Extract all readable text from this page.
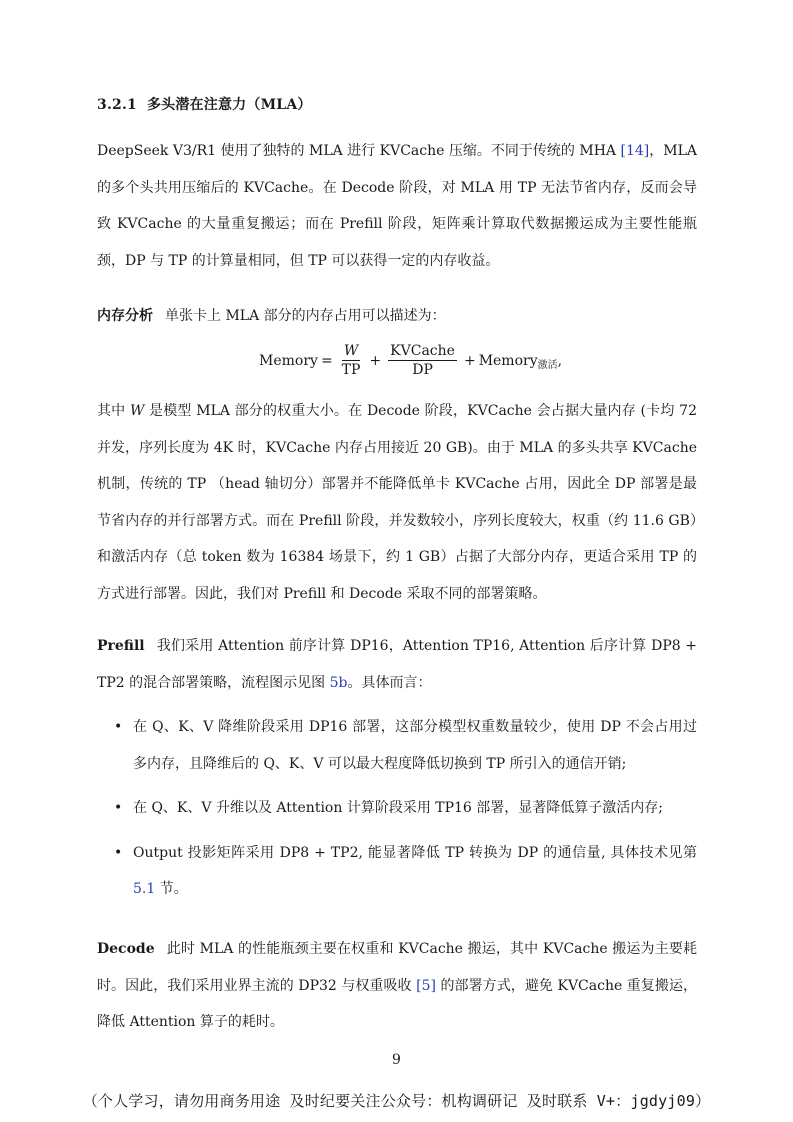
3.2.1 多头潜在注意力（MLA）
DeepSeek V3/R1 使用了独特的 MLA 进行 KVCache 压缩。不同于传统的 MHA [14]，MLA 的多个头共用压缩后的 KVCache。在 Decode 阶段，对 MLA 用 TP 无法节省内存，反而会导致 KVCache 的大量重复搬运；而在 Prefill 阶段，矩阵乘计算取代数据搬运成为主要性能瓶颈，DP 与 TP 的计算量相同，但 TP 可以获得一定的内存收益。
内存分析 单张卡上 MLA 部分的内存占用可以描述为：
Memory = $\frac{W}{TP} + \frac{\text{KVCache}}{DP}$ + Memory 激活 ,
其中 W 是模型 MLA 部分的权重大小。在 Decode 阶段，KVCache 会占据大量内存 (卡均 72 并发，序列长度为 4K 时，KVCache 内存占用接近 20 GB)。由于 MLA 的多头共享 KVCache 机制，传统的 TP （head 轴切分）部署并不能降低单卡 KVCache 占用，因此全 DP 部署是最节省内存的并行部署方式。而在 Prefill 阶段，并发数较小，序列长度较大，权重（约 11.6 GB）和激活内存（总 token 数为 16384 场景下，约 1 GB）占据了大部分内存，更适合采用 TP 的方式进行部署。因此，我们对 Prefill 和 Decode 采取不同的部署策略。
Prefill 我们采用 Attention 前序计算 DP16，Attention TP16, Attention 后序计算 DP8 + TP2 的混合部署策略，流程图示见图 5b。具体而言：
• 在 Q、K、V 降维阶段采用 DP16 部署，这部分模型权重数量较少，使用 DP 不会占用过多内存，且降维后的 Q、K、V 可以最大程度降低切换到 TP 所引入的通信开销;
• 在 Q、K、V 升维以及 Attention 计算阶段采用 TP16 部署，显著降低算子激活内存;
• Output 投影矩阵采用 DP8 + TP2, 能显著降低 TP 转换为 DP 的通信量, 具体技术见第 5.1 节。
Decode 此时 MLA 的性能瓶颈主要在权重和 KVCache 搬运，其中 KVCache 搬运为主要耗时。因此，我们采用业界主流的 DP32 与权重吸收 [5] 的部署方式，避免 KVCache 重复搬运，降低 Attention 算子的耗时。
9
（个人学习，请勿用商务用途 及时纪要关注公众号：机构调研记 及时联系 V+：jgdyj09）
